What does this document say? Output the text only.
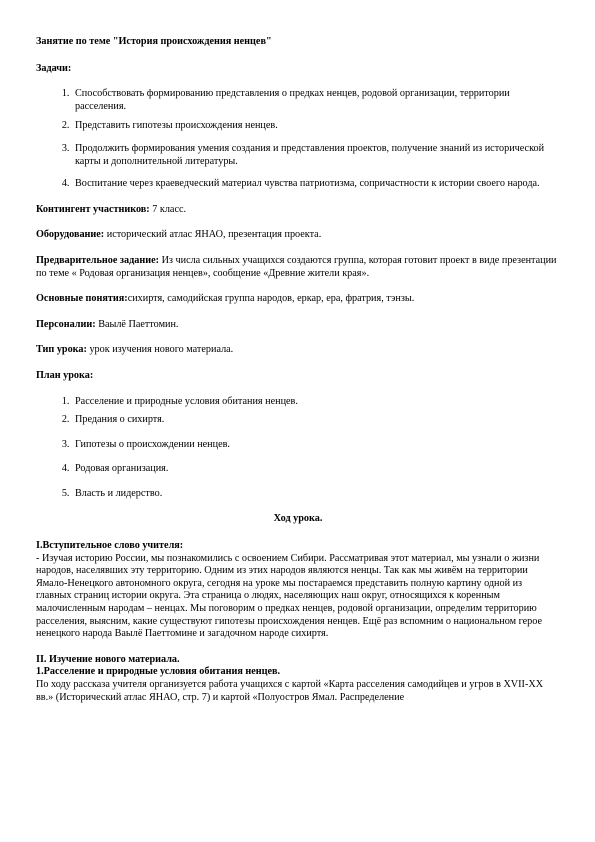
Занятие по теме "История происхождения ненцев"

Задачи:

1. Способствовать формированию представления о предках ненцев, родовой организации, территории расселения.
2. Представить гипотезы происхождения ненцев.
3. Продолжить формирования умения создания и представления проектов, получение знаний из исторической карты и дополнительной литературы.
4. Воспитание через краеведческий материал чувства патриотизма, сопричастности к истории своего народа.

Контингент участников: 7 класс.

Оборудование: исторический атлас ЯНАО, презентация проекта.

Предварительное задание: Из числа сильных учащихся создаются группа, которая готовит проект в виде презентации по теме « Родовая организация ненцев», сообщение «Древние жители края».

Основные понятия:сихиртя, самодийская группа народов, еркар, ера, фратрия, тэнзы.

Персоналии: Ваылё Паеттомин.

Тип урока: урок изучения нового материала.

План урока:

1. Расселение и природные условия обитания ненцев.
2. Предания о сихиртя.
3. Гипотезы о происхождении ненцев.
4. Родовая организация.
5. Власть и лидерство.

Ход урока.

I.Вступительное слово учителя:

- Изучая историю России, мы познакомились с освоением Сибири. Рассматривая этот материал, мы узнали о жизни народов, населявших эту территорию. Одним из этих народов являются ненцы. Так как мы живём на территории Ямало-Ненецкого автономного округа, сегодня на уроке мы постараемся представить полную картину одной из главных страниц истории округа. Эта страница о людях, населяющих наш округ, относящихся к коренным малочисленным народам – ненцах. Мы поговорим о предках ненцев, родовой организации, определим территорию расселения, выясним, какие существуют гипотезы происхождения ненцев. Ещё раз вспомним о национальном герое ненецкого народа Ваылё Паеттомине и загадочном народе сихиртя.

II. Изучение нового материала.

1.Расселение и природные условия обитания ненцев.

По ходу рассказа учителя организуется работа учащихся с картой «Карта расселения самодийцев и угров в XVII-XX вв.» (Исторический атлас ЯНАО, стр. 7) и картой «Полуостров Ямал. Распределение
